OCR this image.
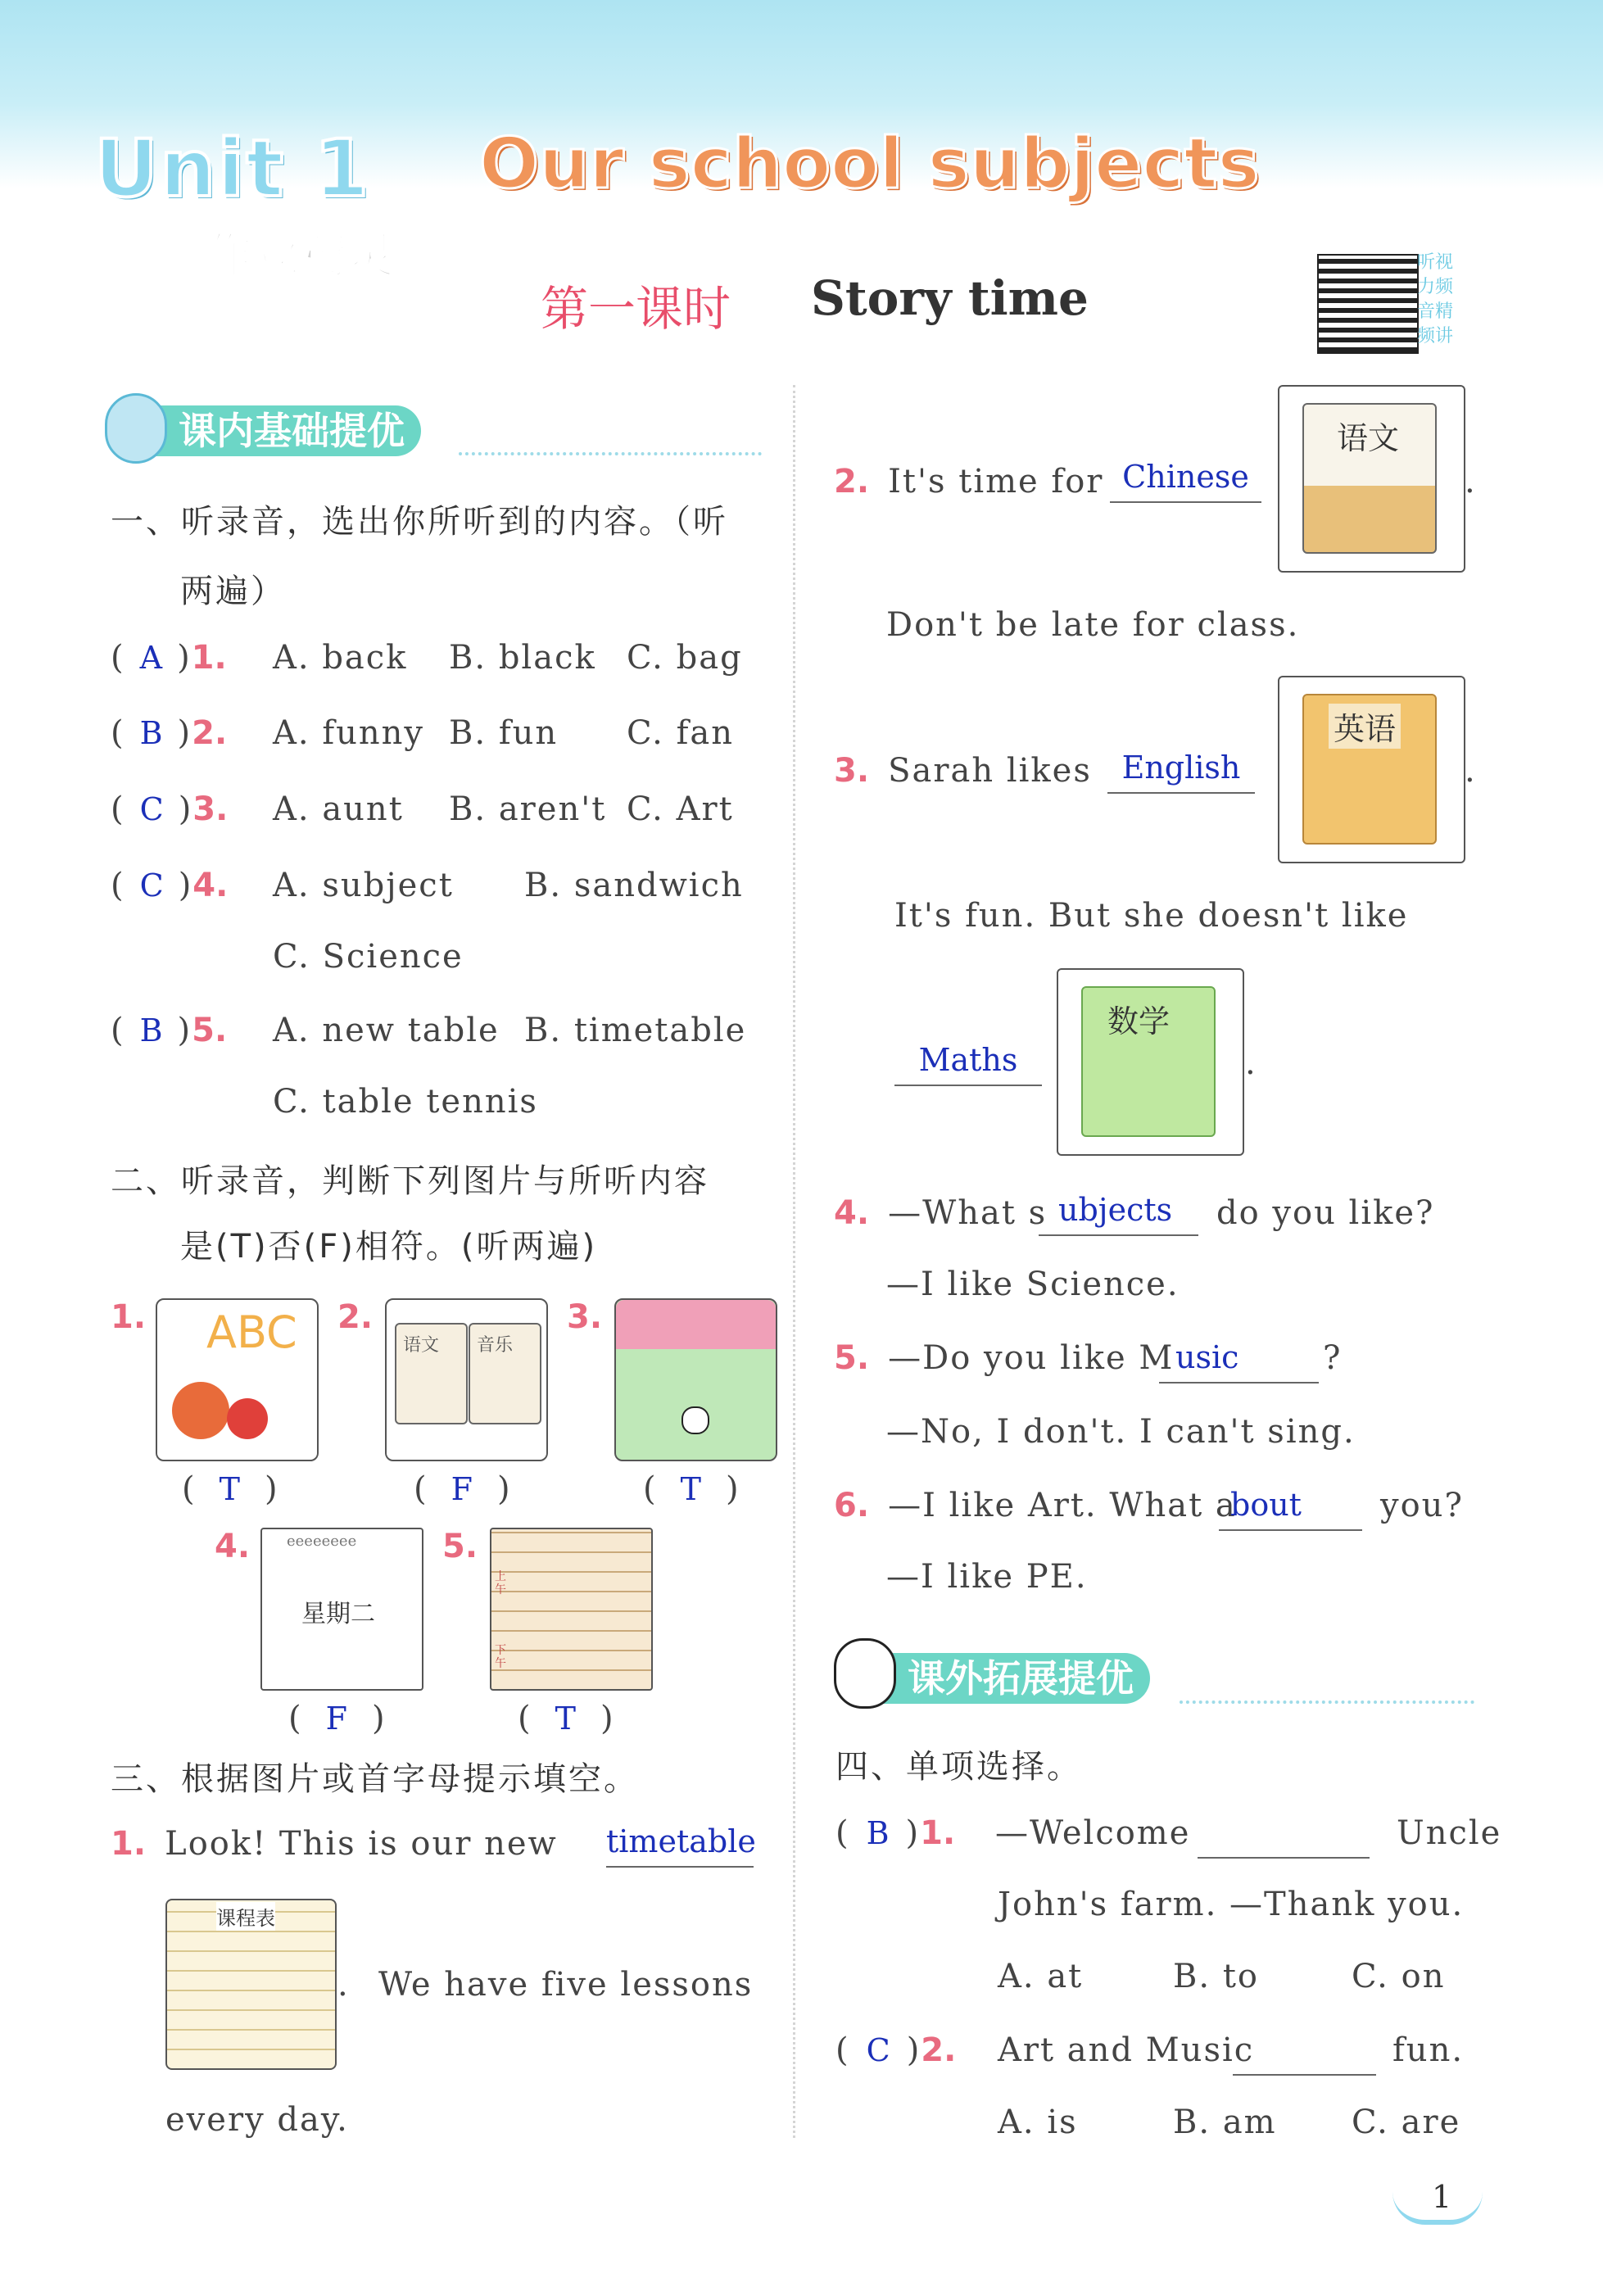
Unit 1 Our school subjects
作业精灵
第一课时 Story time
听视
力频
音精
频讲
课内基础提优
一、听录音，选出你所听到的内容。（听
两遍）
( A )1. A. back B. black C. bag
( B )2. A. funny B. fun C. fan
( C )3. A. aunt B. aren't C. Art
( C )4. A. subject B. sandwich
C. Science
( B )5. A. new table B. timetable
C. table tennis
二、听录音，判断下列图片与所听内容
是(T)否(F)相符。(听两遍)
1. ABC
( T )
2.
语文	音乐
( F )
3.
( T )
4. eeeeeeee
星期二
( F )
5.
上午
下午
( T )
三、根据图片或首字母提示填空。
1. Look! This is our new timetable
课程表
. We have five lessons
every day.
2. It's time for Chinese
语文
.
Don't be late for class.
3. Sarah likes English
英语
.
It's fun. But she doesn't like
Maths
数学
.
4. —What s ubjects	do you like?
—I like Science.
5. —Do you like M usic	?
—No, I don't. I can't sing.
6. —I like Art. What a
bout	you?
—I like PE.
课外拓展提优
四、单项选择。
( B )1. —Welcome	Uncle
John's farm. —Thank you.
A. at	B. to	C. on
( C )2. Art and Music	fun.
A. is	B. am C. are
1
